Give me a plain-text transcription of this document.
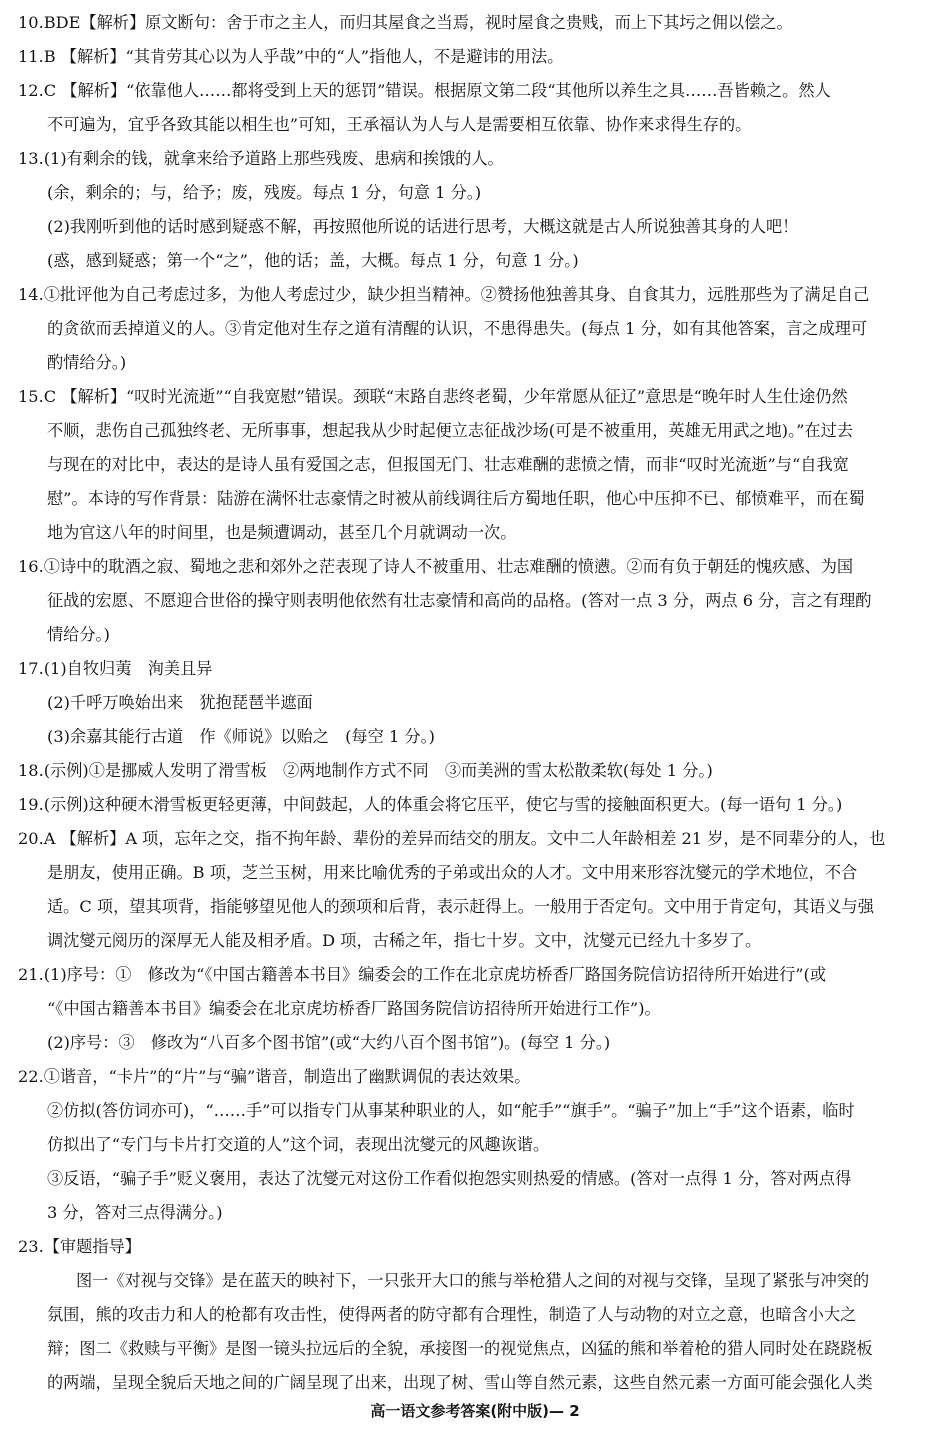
10.BDE【解析】原文断句：舍于市之主人，而归其屋食之当焉，视时屋食之贵贱，而上下其圬之佣以偿之。
11.B 【解析】“其肯劳其心以为人乎哉”中的“人”指他人，不是避讳的用法。
12.C 【解析】“依靠他人……都将受到上天的惩罚”错误。根据原文第二段“其他所以养生之具……吾皆赖之。然人
不可遍为，宜乎各致其能以相生也”可知，王承福认为人与人是需要相互依靠、协作来求得生存的。
13.(1)有剩余的钱，就拿来给予道路上那些残废、患病和挨饿的人。
(余，剩余的；与，给予；废，残废。每点 1 分，句意 1 分。)
(2)我刚听到他的话时感到疑惑不解，再按照他所说的话进行思考，大概这就是古人所说独善其身的人吧！
(惑，感到疑惑；第一个“之”，他的话；盖，大概。每点 1 分，句意 1 分。)
14.①批评他为自己考虑过多，为他人考虑过少，缺少担当精神。②赞扬他独善其身、自食其力，远胜那些为了满足自己
的贪欲而丢掉道义的人。③肯定他对生存之道有清醒的认识，不患得患失。(每点 1 分，如有其他答案，言之成理可
酌情给分。)
15.C 【解析】“叹时光流逝”“自我宽慰”错误。颈联“末路自悲终老蜀，少年常愿从征辽”意思是“晚年时人生仕途仍然
不顺，悲伤自己孤独终老、无所事事，想起我从少时起便立志征战沙场(可是不被重用，英雄无用武之地)。”在过去
与现在的对比中，表达的是诗人虽有爱国之志，但报国无门、壮志难酬的悲愤之情，而非“叹时光流逝”与“自我宽
慰”。本诗的写作背景：陆游在满怀壮志豪情之时被从前线调往后方蜀地任职，他心中压抑不已、郁愤难平，而在蜀
地为官这八年的时间里，也是频遭调动，甚至几个月就调动一次。
16.①诗中的耽酒之寂、蜀地之悲和郊外之茫表现了诗人不被重用、壮志难酬的愤懑。②而有负于朝廷的愧疚感、为国
征战的宏愿、不愿迎合世俗的操守则表明他依然有壮志豪情和高尚的品格。(答对一点 3 分，两点 6 分，言之有理酌
情给分。)
17.(1)自牧归荑　洵美且异
(2)千呼万唤始出来　犹抱琵琶半遮面
(3)余嘉其能行古道　作《师说》以贻之　(每空 1 分。)
18.(示例)①是挪威人发明了滑雪板　②两地制作方式不同　③而美洲的雪太松散柔软(每处 1 分。)
19.(示例)这种硬木滑雪板更轻更薄，中间鼓起，人的体重会将它压平，使它与雪的接触面积更大。(每一语句 1 分。)
20.A 【解析】A 项，忘年之交，指不拘年龄、辈份的差异而结交的朋友。文中二人年龄相差 21 岁，是不同辈分的人，也
是朋友，使用正确。B 项，芝兰玉树，用来比喻优秀的子弟或出众的人才。文中用来形容沈燮元的学术地位，不合
适。C 项，望其项背，指能够望见他人的颈项和后背，表示赶得上。一般用于否定句。文中用于肯定句，其语义与强
调沈燮元阅历的深厚无人能及相矛盾。D 项，古稀之年，指七十岁。文中，沈燮元已经九十多岁了。
21.(1)序号：①　修改为“《中国古籍善本书目》编委会的工作在北京虎坊桥香厂路国务院信访招待所开始进行”(或
“《中国古籍善本书目》编委会在北京虎坊桥香厂路国务院信访招待所开始进行工作”)。
(2)序号：③　修改为“八百多个图书馆”(或“大约八百个图书馆”)。(每空 1 分。)
22.①谐音，“卡片”的“片”与“骗”谐音，制造出了幽默调侃的表达效果。
②仿拟(答仿词亦可)，“……手”可以指专门从事某种职业的人，如“舵手”“旗手”。“骗子”加上“手”这个语素，临时
仿拟出了“专门与卡片打交道的人”这个词，表现出沈燮元的风趣诙谐。
③反语，“骗子手”贬义褒用，表达了沈燮元对这份工作看似抱怨实则热爱的情感。(答对一点得 1 分，答对两点得
3 分，答对三点得满分。)
23.【审题指导】
图一《对视与交锋》是在蓝天的映衬下，一只张开大口的熊与举枪猎人之间的对视与交锋，呈现了紧张与冲突的
氛围，熊的攻击力和人的枪都有攻击性，使得两者的防守都有合理性，制造了人与动物的对立之意，也暗含小大之
辩；图二《救赎与平衡》是图一镜头拉远后的全貌，承接图一的视觉焦点，凶猛的熊和举着枪的猎人同时处在跷跷板
的两端，呈现全貌后天地之间的广阔呈现了出来，出现了树、雪山等自然元素，这些自然元素一方面可能会强化人类
高一语文参考答案(附中版)— 2
